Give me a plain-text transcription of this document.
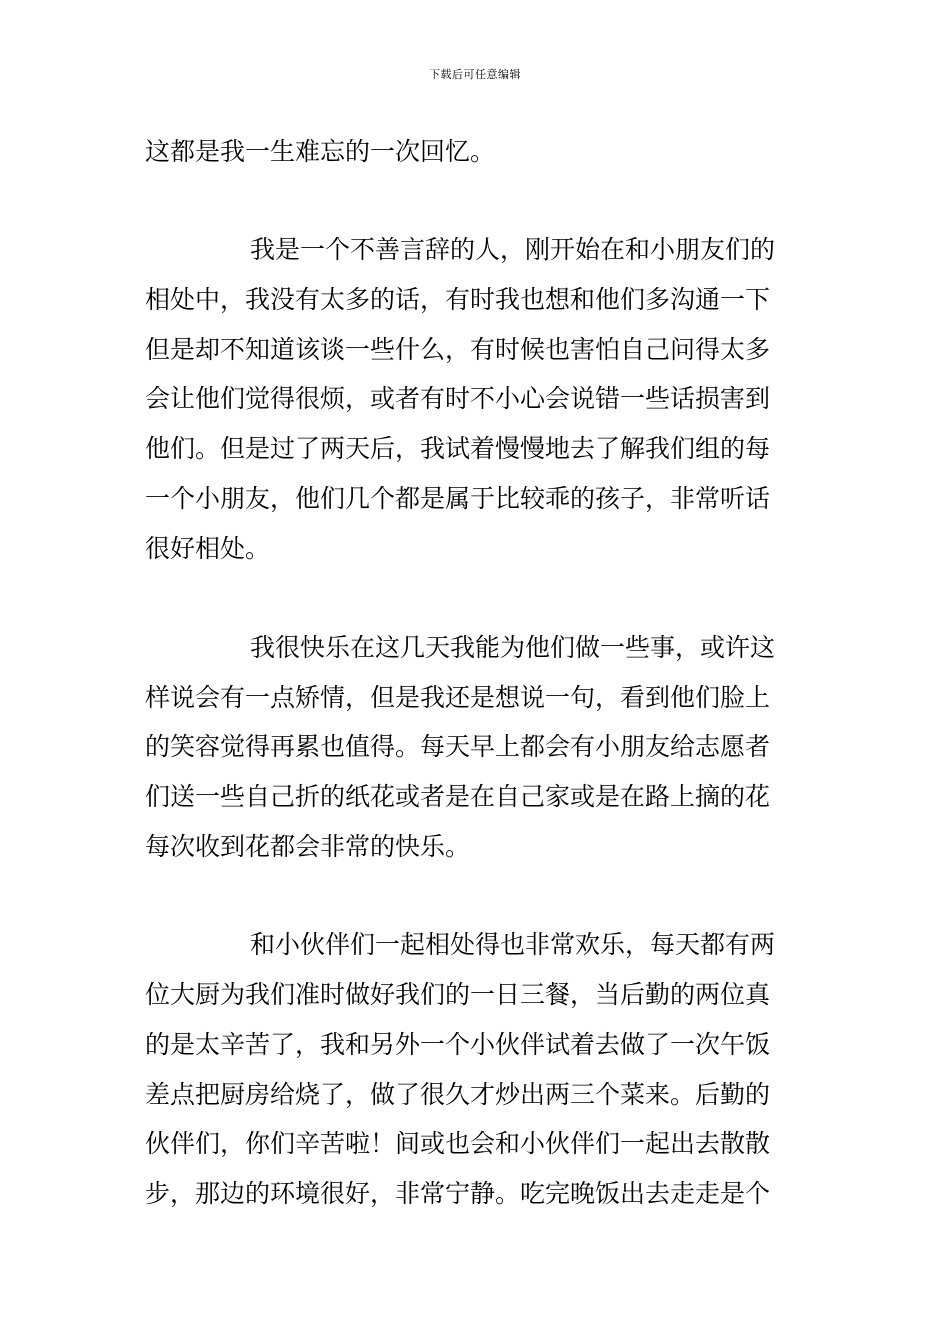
下载后可任意编辑
这都是我一生难忘的一次回忆。
我是一个不善言辞的人，刚开始在和小朋友们的
相处中，我没有太多的话，有时我也想和他们多沟通一下
但是却不知道该谈一些什么，有时候也害怕自己问得太多
会让他们觉得很烦，或者有时不小心会说错一些话损害到
他们。但是过了两天后，我试着慢慢地去了解我们组的每
一个小朋友，他们几个都是属于比较乖的孩子，非常听话
很好相处。
我很快乐在这几天我能为他们做一些事，或许这
样说会有一点矫情，但是我还是想说一句，看到他们脸上
的笑容觉得再累也值得。每天早上都会有小朋友给志愿者
们送一些自己折的纸花或者是在自己家或是在路上摘的花
每次收到花都会非常的快乐。
和小伙伴们一起相处得也非常欢乐，每天都有两
位大厨为我们准时做好我们的一日三餐，当后勤的两位真
的是太辛苦了，我和另外一个小伙伴试着去做了一次午饭
差点把厨房给烧了，做了很久才炒出两三个菜来。后勤的
伙伴们，你们辛苦啦！间或也会和小伙伴们一起出去散散
步，那边的环境很好，非常宁静。吃完晚饭出去走走是个
